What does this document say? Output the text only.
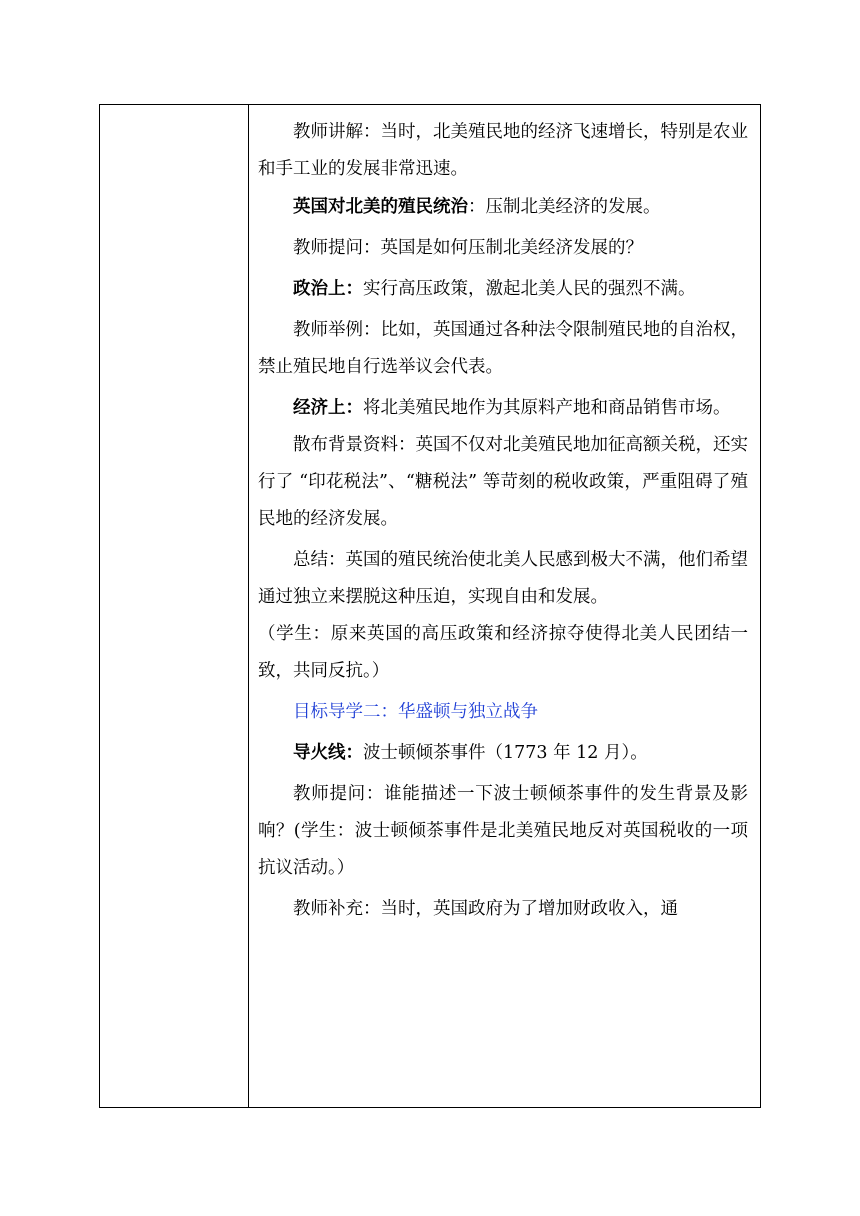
教师讲解：当时，北美殖民地的经济飞速增长，特别是农业和手工业的发展非常迅速。

英国对北美的殖民统治：压制北美经济的发展。

教师提问：英国是如何压制北美经济发展的？

政治上：实行高压政策，激起北美人民的强烈不满。

教师举例：比如，英国通过各种法令限制殖民地的自治权，禁止殖民地自行选举议会代表。

经济上：将北美殖民地作为其原料产地和商品销售市场。

散布背景资料：英国不仅对北美殖民地加征高额关税，还实行了 “印花税法”、“糖税法” 等苛刻的税收政策，严重阻碍了殖民地的经济发展。

总结：英国的殖民统治使北美人民感到极大不满，他们希望通过独立来摆脱这种压迫，实现自由和发展。

（学生：原来英国的高压政策和经济掠夺使得北美人民团结一致，共同反抗。）

目标导学二：华盛顿与独立战争

导火线：波士顿倾茶事件（1773 年 12 月）。

教师提问：谁能描述一下波士顿倾茶事件的发生背景及影响？(学生：波士顿倾茶事件是北美殖民地反对英国税收的一项抗议活动。）

教师补充：当时，英国政府为了增加财政收入，通
